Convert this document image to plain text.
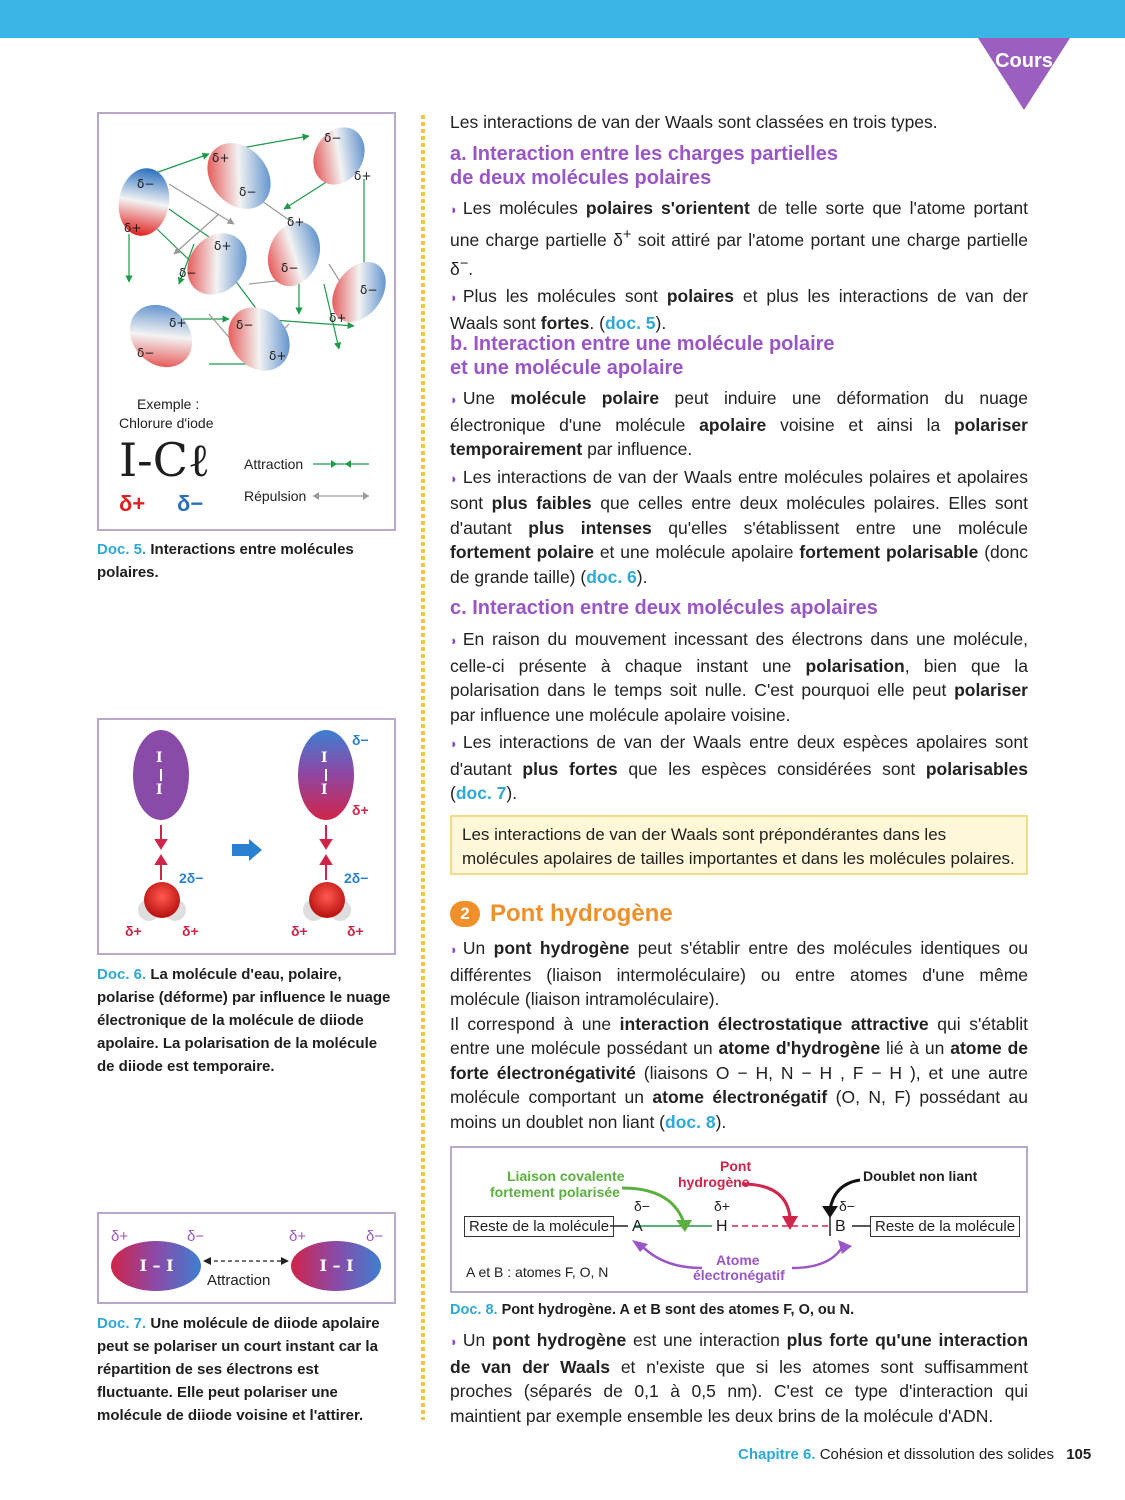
Cours
δ+
δ−
δ−
δ+
δ−
δ+
δ+
δ−
δ+
δ−
δ−
δ+
δ+
δ−
δ−
δ+
Exemple :
Chlorure d'iode
I-Cℓ
δ+ δ−
Attraction
Répulsion
Doc. 5. Interactions entre molécules polaires.
I
I
I
I
δ−
δ+
2δ−	2δ−
δ+	δ+	δ+	δ+
Doc. 6. La molécule d'eau, polaire, polarise (déforme) par influence le nuage électronique de la molécule de diiode apolaire. La polarisation de la molécule de diiode est temporaire.
I – I	I – I
δ+	δ−	δ+	δ−
Attraction
Doc. 7. Une molécule de diiode apolaire peut se polariser un court instant car la répartition de ses électrons est fluctuante. Elle peut polariser une molécule de diiode voisine et l'attirer.

Les interactions de van der Waals sont classées en trois types.

a. Interaction entre les charges partielles
de deux molécules polaires

◗ Les molécules polaires s'orientent de telle sorte que l'atome portant une charge partielle δ+ soit attiré par l'atome portant une charge partielle δ−.

◗ Plus les molécules sont polaires et plus les interactions de van der Waals sont fortes. (doc. 5).

b. Interaction entre une molécule polaire
et une molécule apolaire

◗ Une molécule polaire peut induire une déformation du nuage électronique d'une molécule apolaire voisine et ainsi la polariser temporairement par influence.

◗ Les interactions de van der Waals entre molécules polaires et apolaires sont plus faibles que celles entre deux molécules polaires. Elles sont d'autant plus intenses qu'elles s'établissent entre une molécule fortement polaire et une molécule apolaire fortement polarisable (donc de grande taille) (doc. 6).

c. Interaction entre deux molécules apolaires

◗ En raison du mouvement incessant des électrons dans une molécule, celle-ci présente à chaque instant une polarisation, bien que la polarisation dans le temps soit nulle. C'est pourquoi elle peut polariser par influence une molécule apolaire voisine.

◗ Les interactions de van der Waals entre deux espèces apolaires sont d'autant plus fortes que les espèces considérées sont polarisables (doc. 7).

Les interactions de van der Waals sont prépondérantes dans les molécules apolaires de tailles importantes et dans les molécules polaires.
2 Pont hydrogène

◗ Un pont hydrogène peut s'établir entre des molécules identiques ou différentes (liaison intermoléculaire) ou entre atomes d'une même molécule (liaison intramoléculaire).

Il correspond à une interaction électrostatique attractive qui s'établit entre une molécule possédant un atome d'hydrogène lié à un atome de forte électronégativité (liaisons O − H, N − H , F − H ), et une autre molécule comportant un atome électronégatif (O, N, F) possédant au moins un doublet non liant (doc. 8).

Liaison covalente
fortement polarisée
Pont
hydrogène	Doublet non liant
Reste de la molécule	Reste de la molécule
δ−
A
δ+
H
δ−
B
A et B : atomes F, O, N
Atome
électronégatif
Doc. 8. Pont hydrogène. A et B sont des atomes F, O, ou N.

◗ Un pont hydrogène est une interaction plus forte qu'une interaction de van der Waals et n'existe que si les atomes sont suffisamment proches (séparés de 0,1 à 0,5 nm). C'est ce type d'interaction qui maintient par exemple ensemble les deux brins de la molécule d'ADN.

Chapitre 6. Cohésion et dissolution des solides 105
